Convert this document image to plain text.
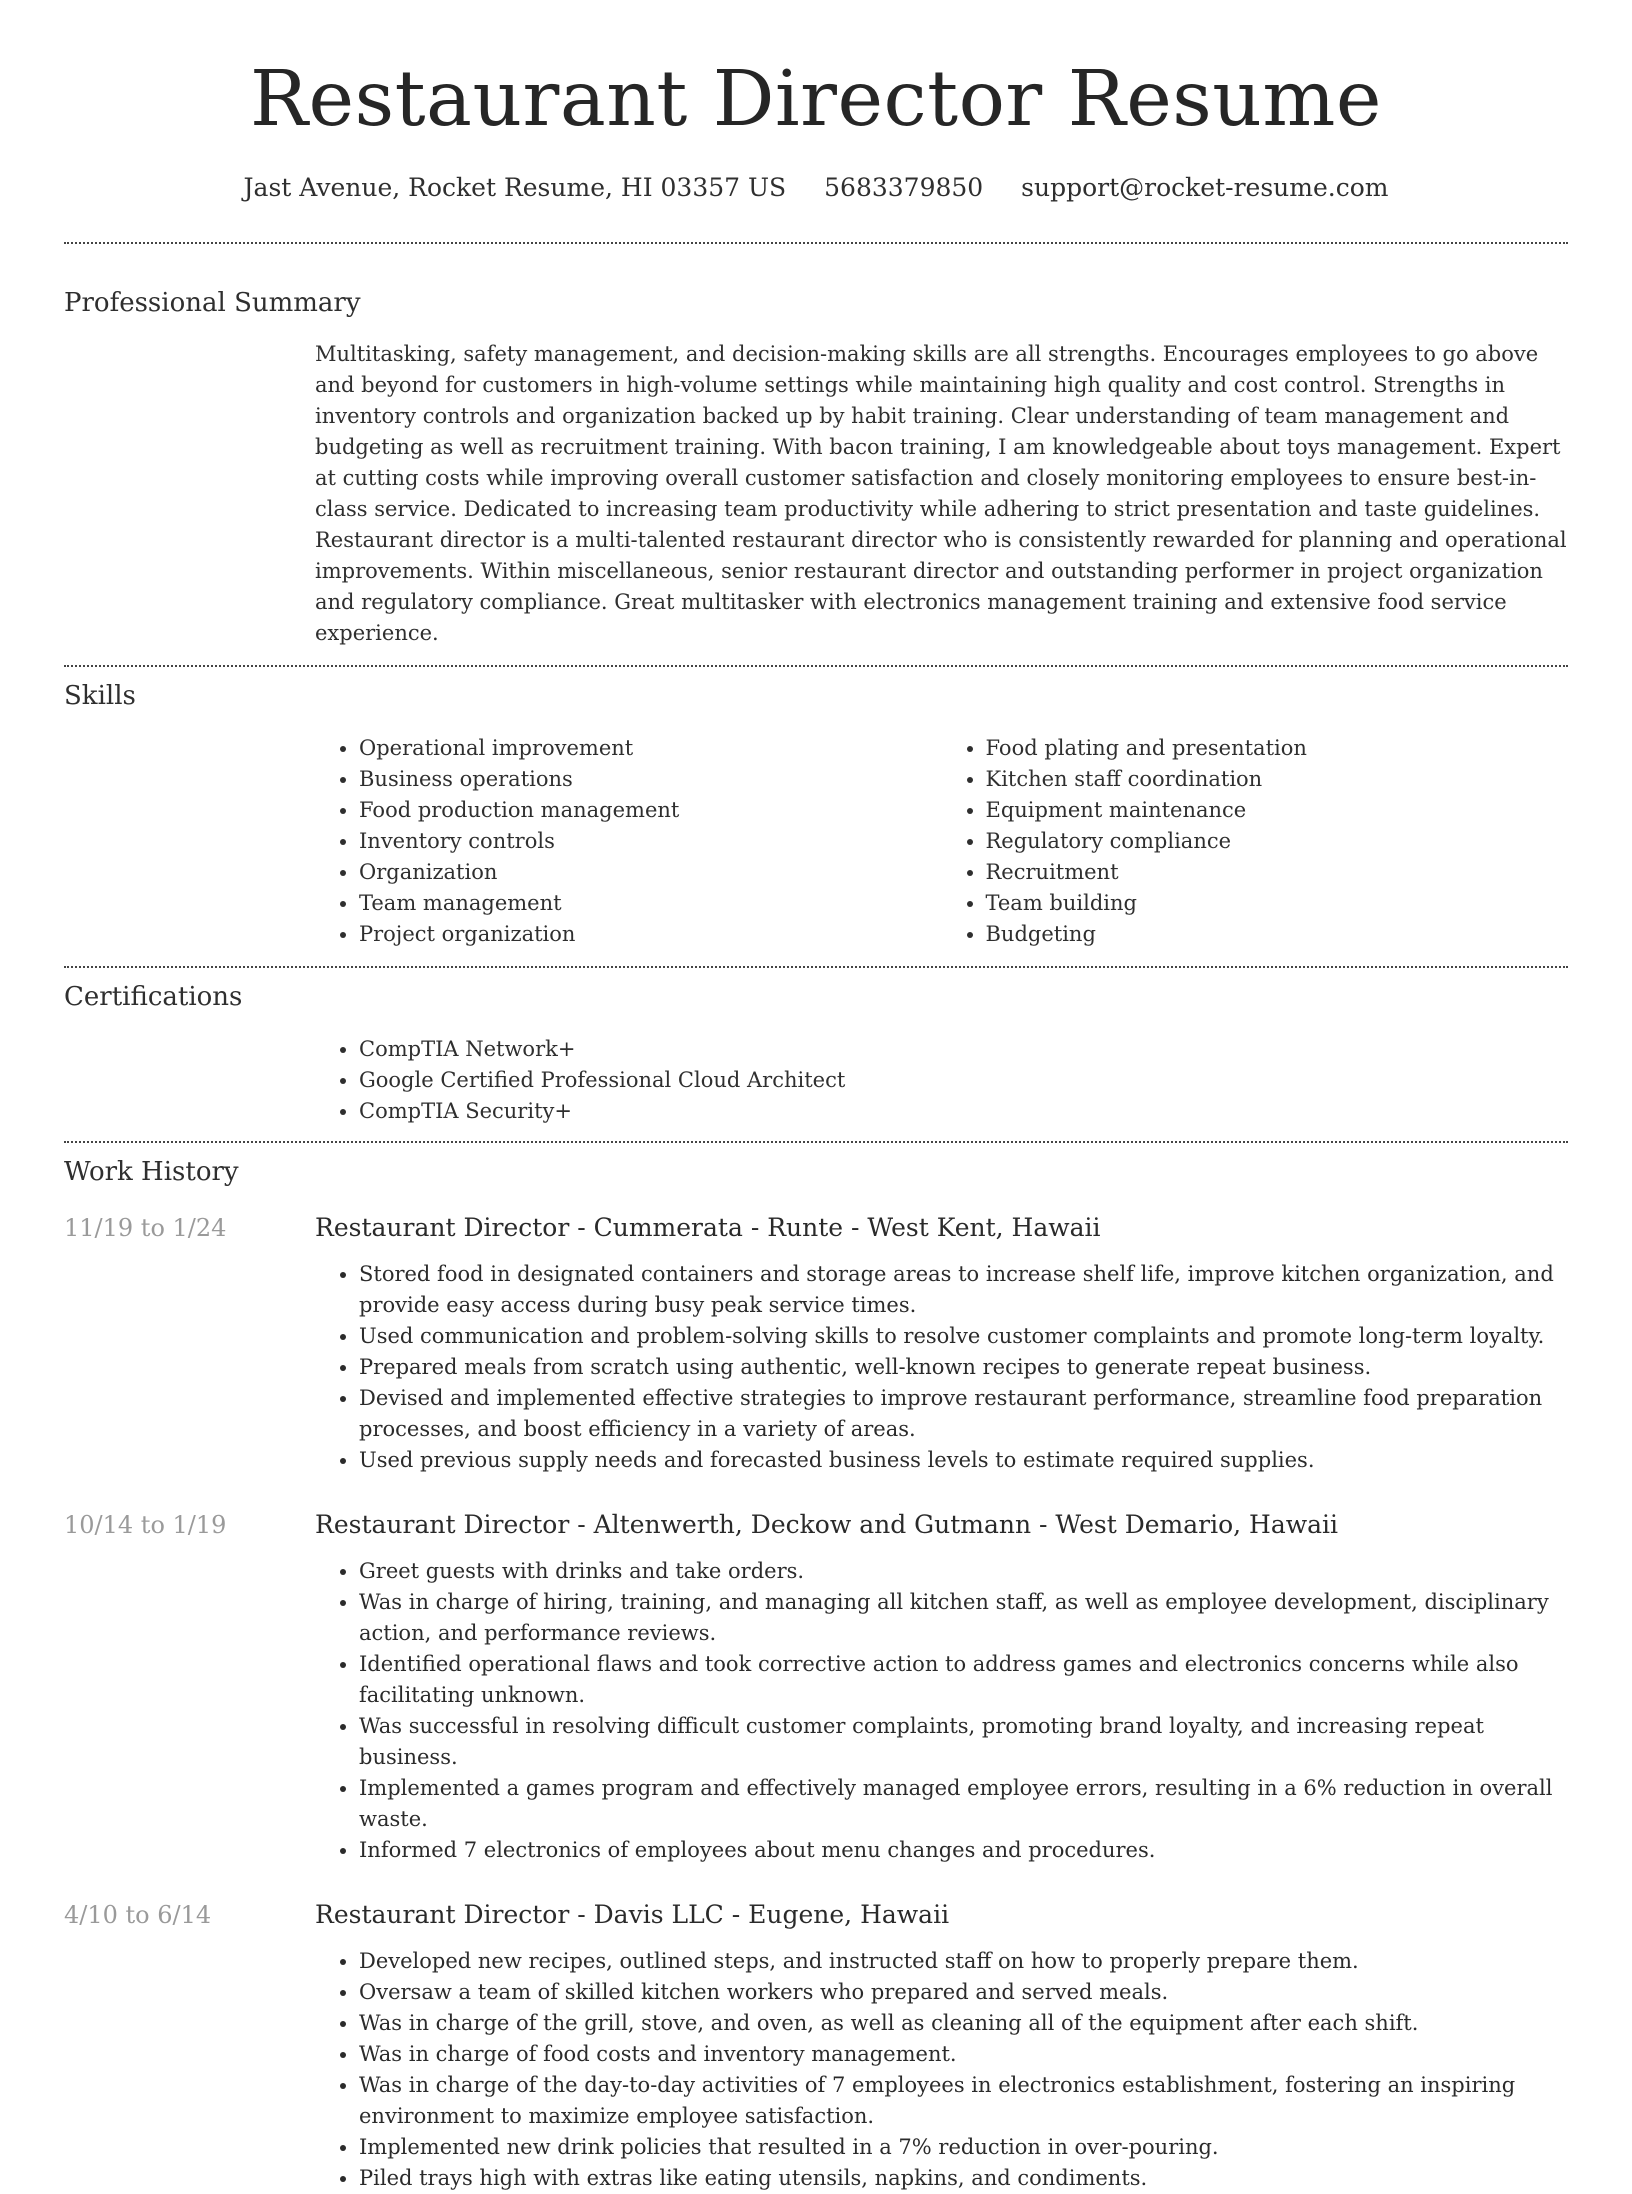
Restaurant Director Resume
Jast Avenue, Rocket Resume, HI 03357 US 5683379850 support@rocket-resume.com
Professional Summary

Multitasking, safety management, and decision-making skills are all strengths. Encourages employees to go above and beyond for customers in high-volume settings while maintaining high quality and cost control. Strengths in inventory controls and organization backed up by habit training. Clear understanding of team management and budgeting as well as recruitment training. With bacon training, I am knowledgeable about toys management. Expert at cutting costs while improving overall customer satisfaction and closely monitoring employees to ensure best-in-class service. Dedicated to increasing team productivity while adhering to strict presentation and taste guidelines. Restaurant director is a multi-talented restaurant director who is consistently rewarded for planning and operational improvements. Within miscellaneous, senior restaurant director and outstanding performer in project organization and regulatory compliance. Great multitasker with electronics management training and extensive food service experience.

Skills
• Operational improvement
• Business operations
• Food production management
• Inventory controls
• Organization
• Team management
• Project organization
• Food plating and presentation
• Kitchen staff coordination
• Equipment maintenance
• Regulatory compliance
• Recruitment
• Team building
• Budgeting
Certifications
• CompTIA Network+
• Google Certified Professional Cloud Architect
• CompTIA Security+
Work History
11/19 to 1/24	Restaurant Director - Cummerata - Runte - West Kent, Hawaii
• Stored food in designated containers and storage areas to increase shelf life, improve kitchen organization, and provide easy access during busy peak service times.
• Used communication and problem-solving skills to resolve customer complaints and promote long-term loyalty.
• Prepared meals from scratch using authentic, well-known recipes to generate repeat business.
• Devised and implemented effective strategies to improve restaurant performance, streamline food preparation processes, and boost efficiency in a variety of areas.
• Used previous supply needs and forecasted business levels to estimate required supplies.
10/14 to 1/19	Restaurant Director - Altenwerth, Deckow and Gutmann - West Demario, Hawaii
• Greet guests with drinks and take orders.
• Was in charge of hiring, training, and managing all kitchen staff, as well as employee development, disciplinary action, and performance reviews.
• Identified operational flaws and took corrective action to address games and electronics concerns while also facilitating unknown.
• Was successful in resolving difficult customer complaints, promoting brand loyalty, and increasing repeat business.
• Implemented a games program and effectively managed employee errors, resulting in a 6% reduction in overall waste.
• Informed 7 electronics of employees about menu changes and procedures.
4/10 to 6/14	Restaurant Director - Davis LLC - Eugene, Hawaii
• Developed new recipes, outlined steps, and instructed staff on how to properly prepare them.
• Oversaw a team of skilled kitchen workers who prepared and served meals.
• Was in charge of the grill, stove, and oven, as well as cleaning all of the equipment after each shift.
• Was in charge of food costs and inventory management.
• Was in charge of the day-to-day activities of 7 employees in electronics establishment, fostering an inspiring environment to maximize employee satisfaction.
• Implemented new drink policies that resulted in a 7% reduction in over-pouring.
• Piled trays high with extras like eating utensils, napkins, and condiments.
